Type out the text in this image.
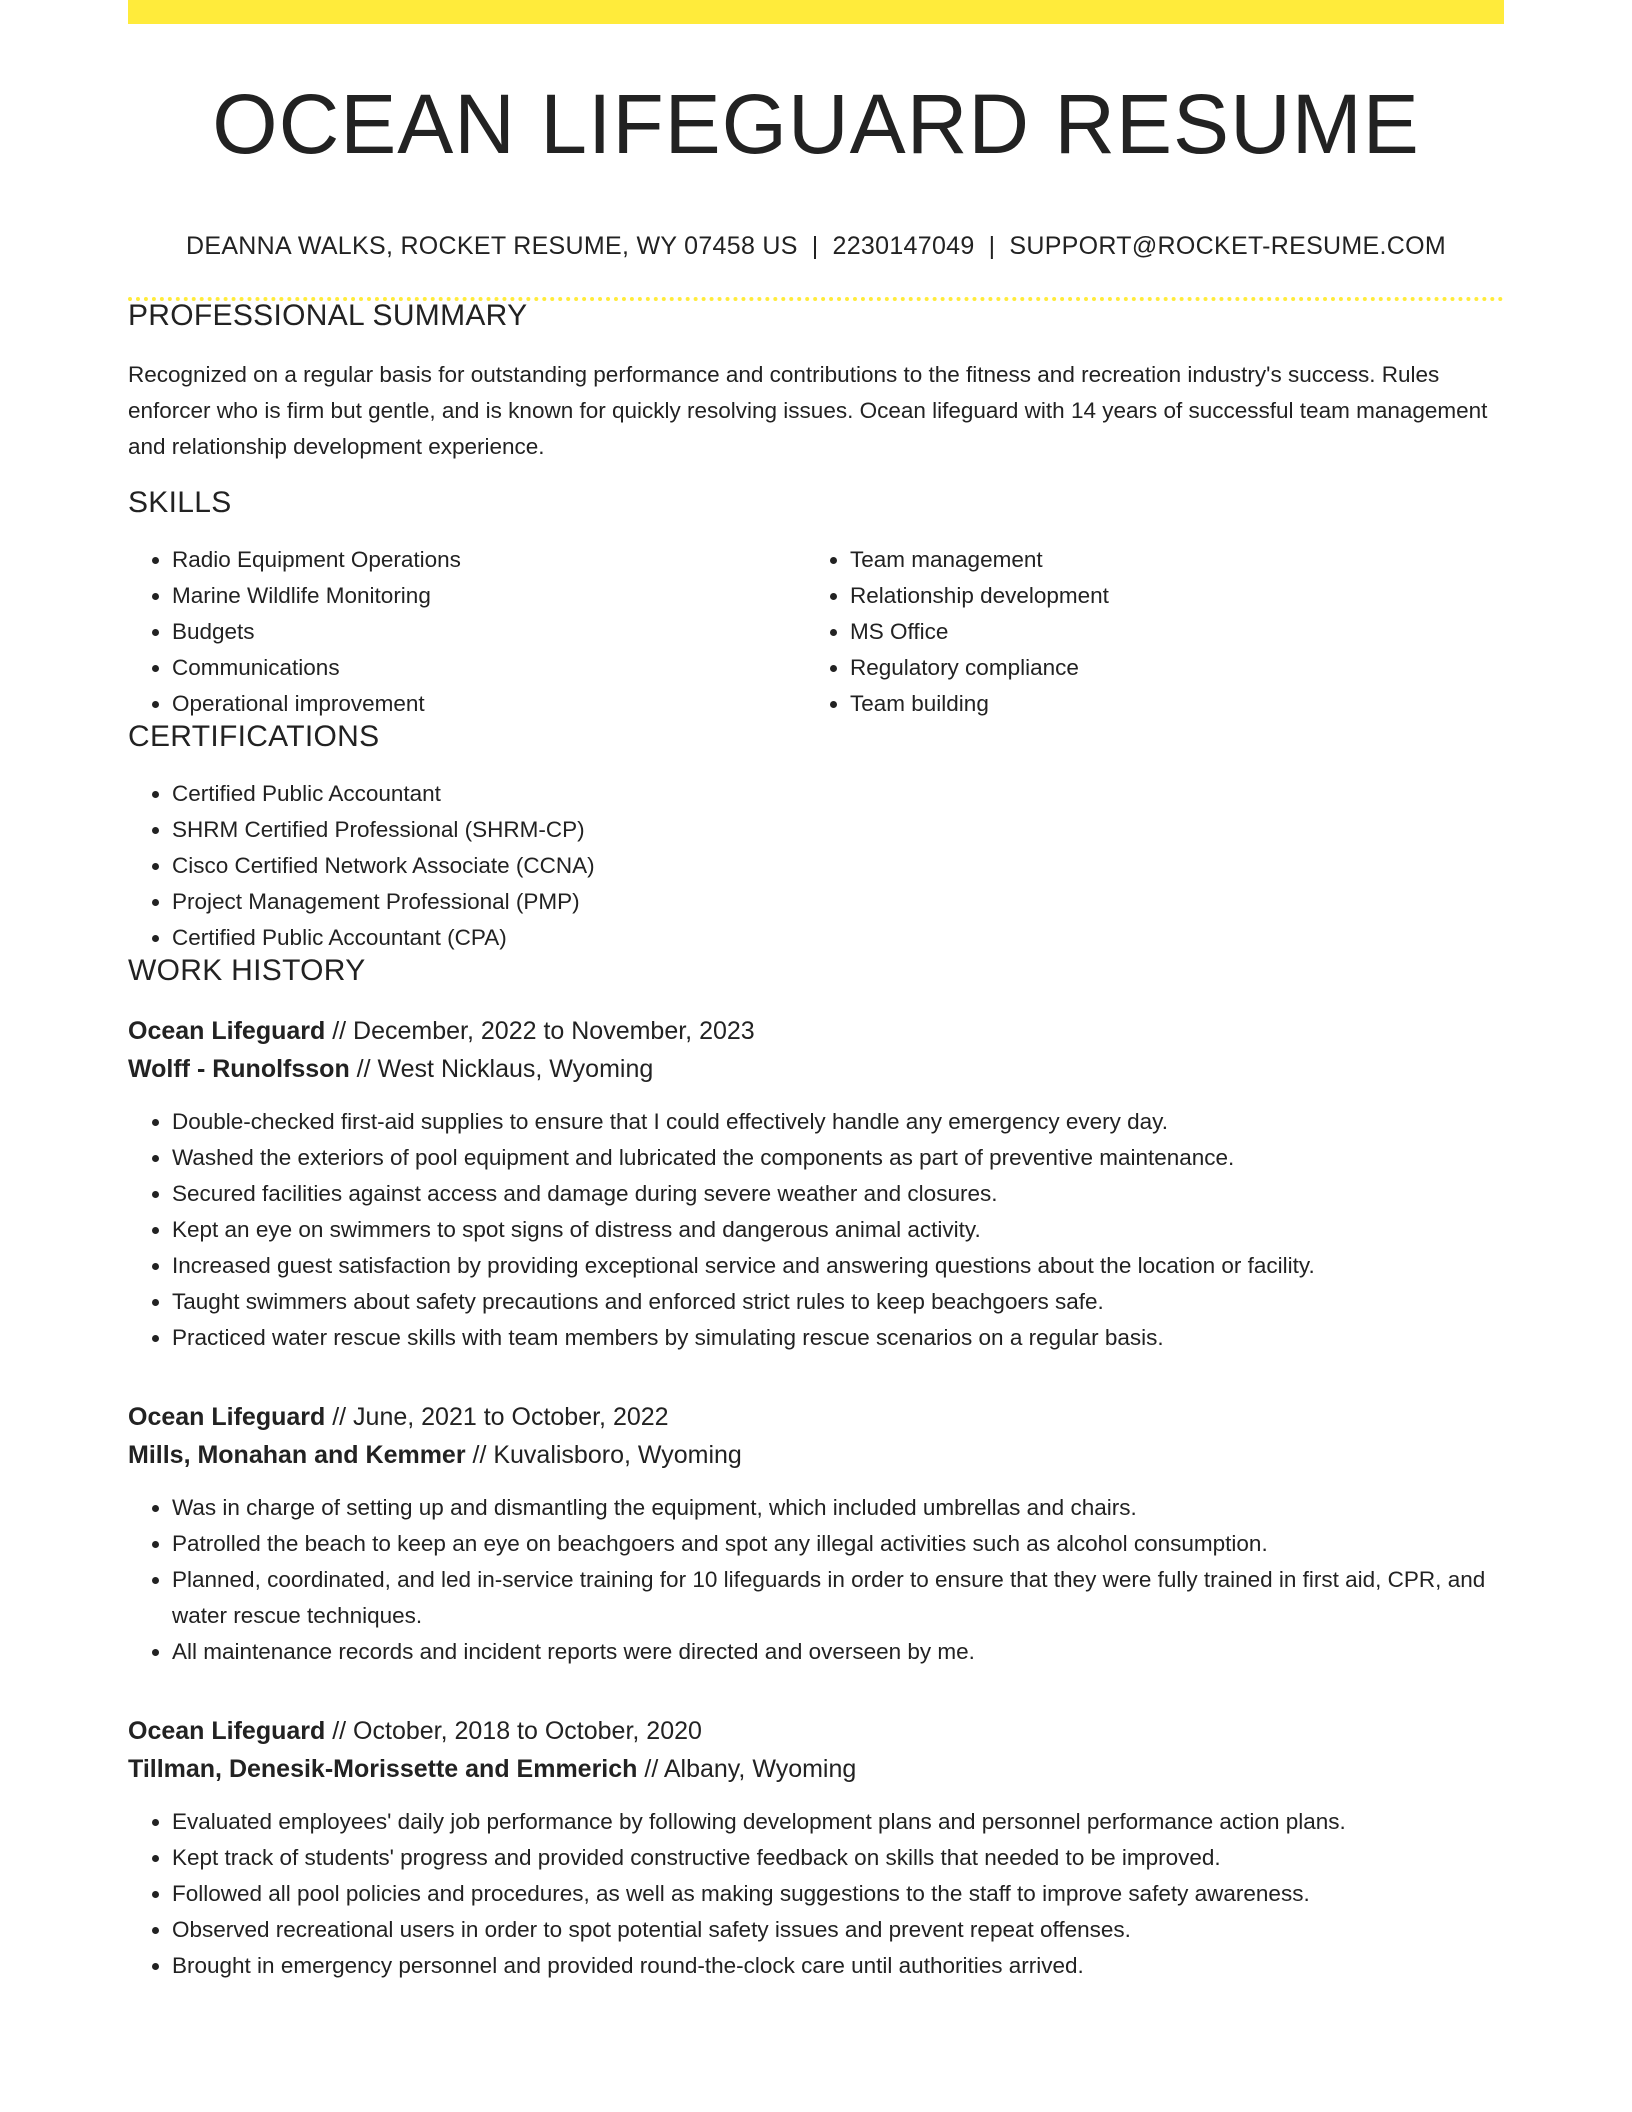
OCEAN LIFEGUARD RESUME
DEANNA WALKS, ROCKET RESUME, WY 07458 US | 2230147049 | SUPPORT@ROCKET-RESUME.COM
PROFESSIONAL SUMMARY

Recognized on a regular basis for outstanding performance and contributions to the fitness and recreation industry's success. Rules enforcer who is firm but gentle, and is known for quickly resolving issues. Ocean lifeguard with 14 years of successful team management and relationship development experience.

SKILLS
• Radio Equipment Operations
• Marine Wildlife Monitoring
• Budgets
• Communications
• Operational improvement
• Team management
• Relationship development
• MS Office
• Regulatory compliance
• Team building
CERTIFICATIONS
• Certified Public Accountant
• SHRM Certified Professional (SHRM-CP)
• Cisco Certified Network Associate (CCNA)
• Project Management Professional (PMP)
• Certified Public Accountant (CPA)
WORK HISTORY
Ocean Lifeguard // December, 2022 to November, 2023
Wolff - Runolfsson // West Nicklaus, Wyoming
• Double-checked first-aid supplies to ensure that I could effectively handle any emergency every day.
• Washed the exteriors of pool equipment and lubricated the components as part of preventive maintenance.
• Secured facilities against access and damage during severe weather and closures.
• Kept an eye on swimmers to spot signs of distress and dangerous animal activity.
• Increased guest satisfaction by providing exceptional service and answering questions about the location or facility.
• Taught swimmers about safety precautions and enforced strict rules to keep beachgoers safe.
• Practiced water rescue skills with team members by simulating rescue scenarios on a regular basis.
Ocean Lifeguard // June, 2021 to October, 2022
Mills, Monahan and Kemmer // Kuvalisboro, Wyoming
• Was in charge of setting up and dismantling the equipment, which included umbrellas and chairs.
• Patrolled the beach to keep an eye on beachgoers and spot any illegal activities such as alcohol consumption.
• Planned, coordinated, and led in-service training for 10 lifeguards in order to ensure that they were fully trained in first aid, CPR, and water rescue techniques.
• All maintenance records and incident reports were directed and overseen by me.
Ocean Lifeguard // October, 2018 to October, 2020
Tillman, Denesik-Morissette and Emmerich // Albany, Wyoming
• Evaluated employees' daily job performance by following development plans and personnel performance action plans.
• Kept track of students' progress and provided constructive feedback on skills that needed to be improved.
• Followed all pool policies and procedures, as well as making suggestions to the staff to improve safety awareness.
• Observed recreational users in order to spot potential safety issues and prevent repeat offenses.
• Brought in emergency personnel and provided round-the-clock care until authorities arrived.
